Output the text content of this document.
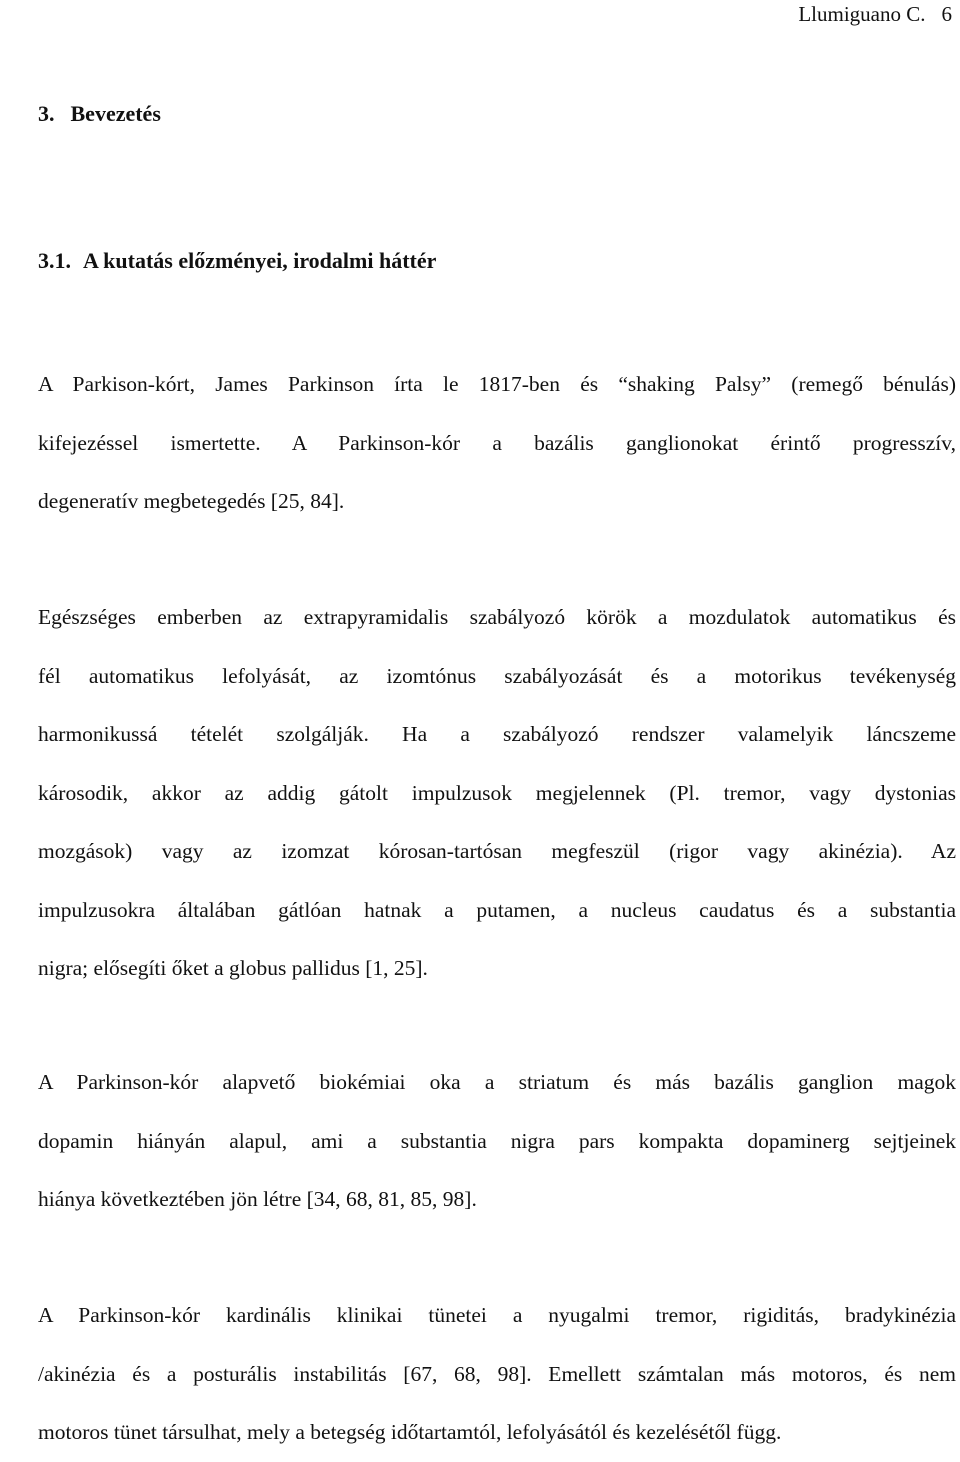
Llumiguano C. 6
3. Bevezetés
3.1. A kutatás előzményei, irodalmi háttér
A Parkison-kórt, James Parkinson írta le 1817-ben és “shaking Palsy” (remegő bénulás)
kifejezéssel ismertette. A Parkinson-kór a bazális ganglionokat érintő progresszív,
degeneratív megbetegedés [25, 84].
Egészséges emberben az extrapyramidalis szabályozó körök a mozdulatok automatikus és
fél automatikus lefolyását, az izomtónus szabályozását és a motorikus tevékenység
harmonikussá tételét szolgálják. Ha a szabályozó rendszer valamelyik láncszeme
károsodik, akkor az addig gátolt impulzusok megjelennek (Pl. tremor, vagy dystonias
mozgások) vagy az izomzat kórosan-tartósan megfeszül (rigor vagy akinézia). Az
impulzusokra általában gátlóan hatnak a putamen, a nucleus caudatus és a substantia
nigra; elősegíti őket a globus pallidus [1, 25].
A Parkinson-kór alapvető biokémiai oka a striatum és más bazális ganglion magok
dopamin hiányán alapul, ami a substantia nigra pars kompakta dopaminerg sejtjeinek
hiánya következtében jön létre [34, 68, 81, 85, 98].
A Parkinson-kór kardinális klinikai tünetei a nyugalmi tremor, rigiditás, bradykinézia
/akinézia és a posturális instabilitás [67, 68, 98]. Emellett számtalan más motoros, és nem
motoros tünet társulhat, mely a betegség időtartamtól, lefolyásától és kezelésétől függ.
